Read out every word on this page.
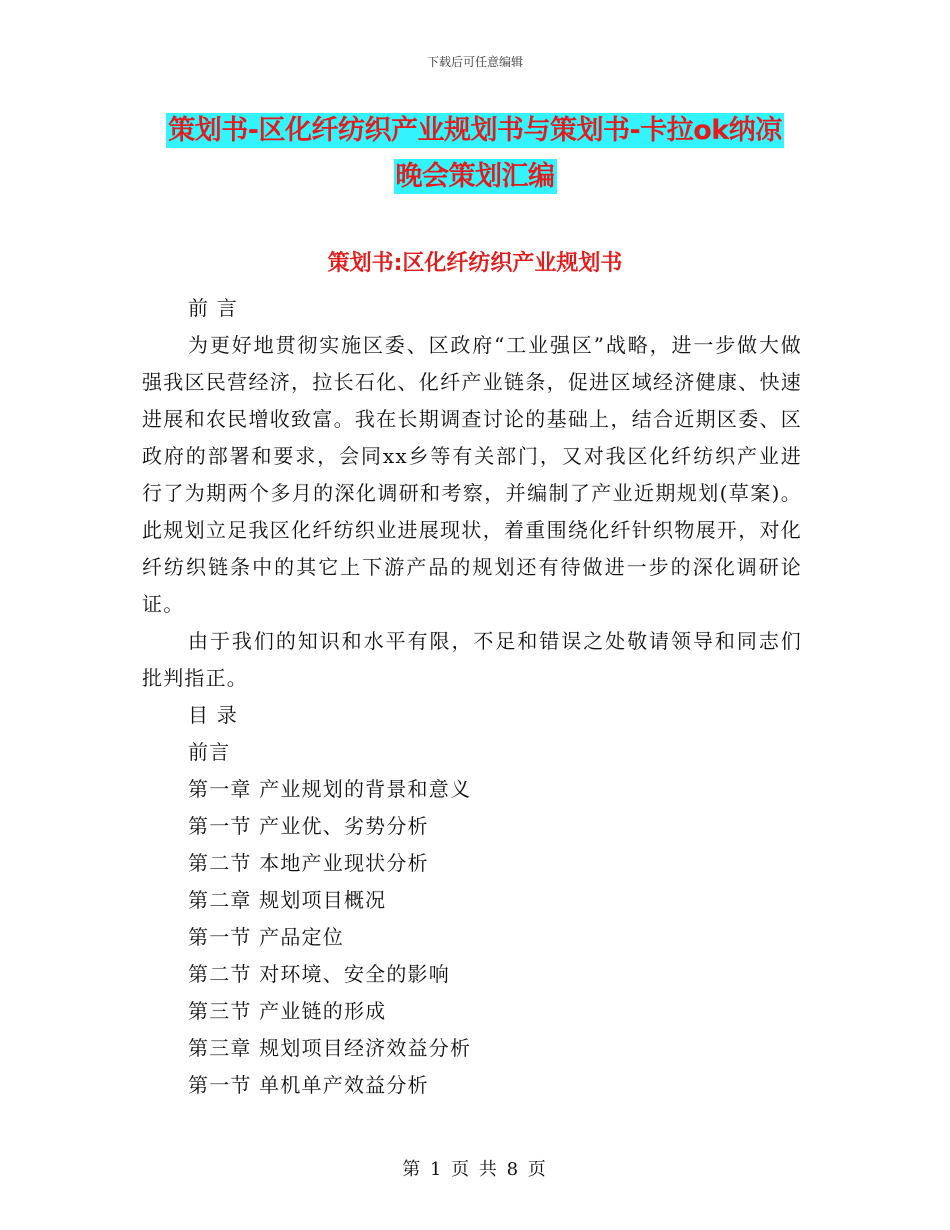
下载后可任意编辑
策划书-区化纤纺织产业规划书与策划书-卡拉ok纳凉
晚会策划汇编
策划书:区化纤纺织产业规划书
前 言

为更好地贯彻实施区委、区政府“工业强区”战略，进一步做大做强我区民营经济，拉长石化、化纤产业链条，促进区域经济健康、快速进展和农民增收致富。我在长期调查讨论的基础上，结合近期区委、区政府的部署和要求，会同xx乡等有关部门，又对我区化纤纺织产业进行了为期两个多月的深化调研和考察，并编制了产业近期规划(草案)。此规划立足我区化纤纺织业进展现状，着重围绕化纤针织物展开，对化纤纺织链条中的其它上下游产品的规划还有待做进一步的深化调研论证。

由于我们的知识和水平有限，不足和错误之处敬请领导和同志们批判指正。

目 录
前言
第一章 产业规划的背景和意义
第一节 产业优、劣势分析
第二节 本地产业现状分析
第二章 规划项目概况
第一节 产品定位
第二节 对环境、安全的影响
第三节 产业链的形成
第三章 规划项目经济效益分析
第一节 单机单产效益分析
第 1 页 共 8 页
